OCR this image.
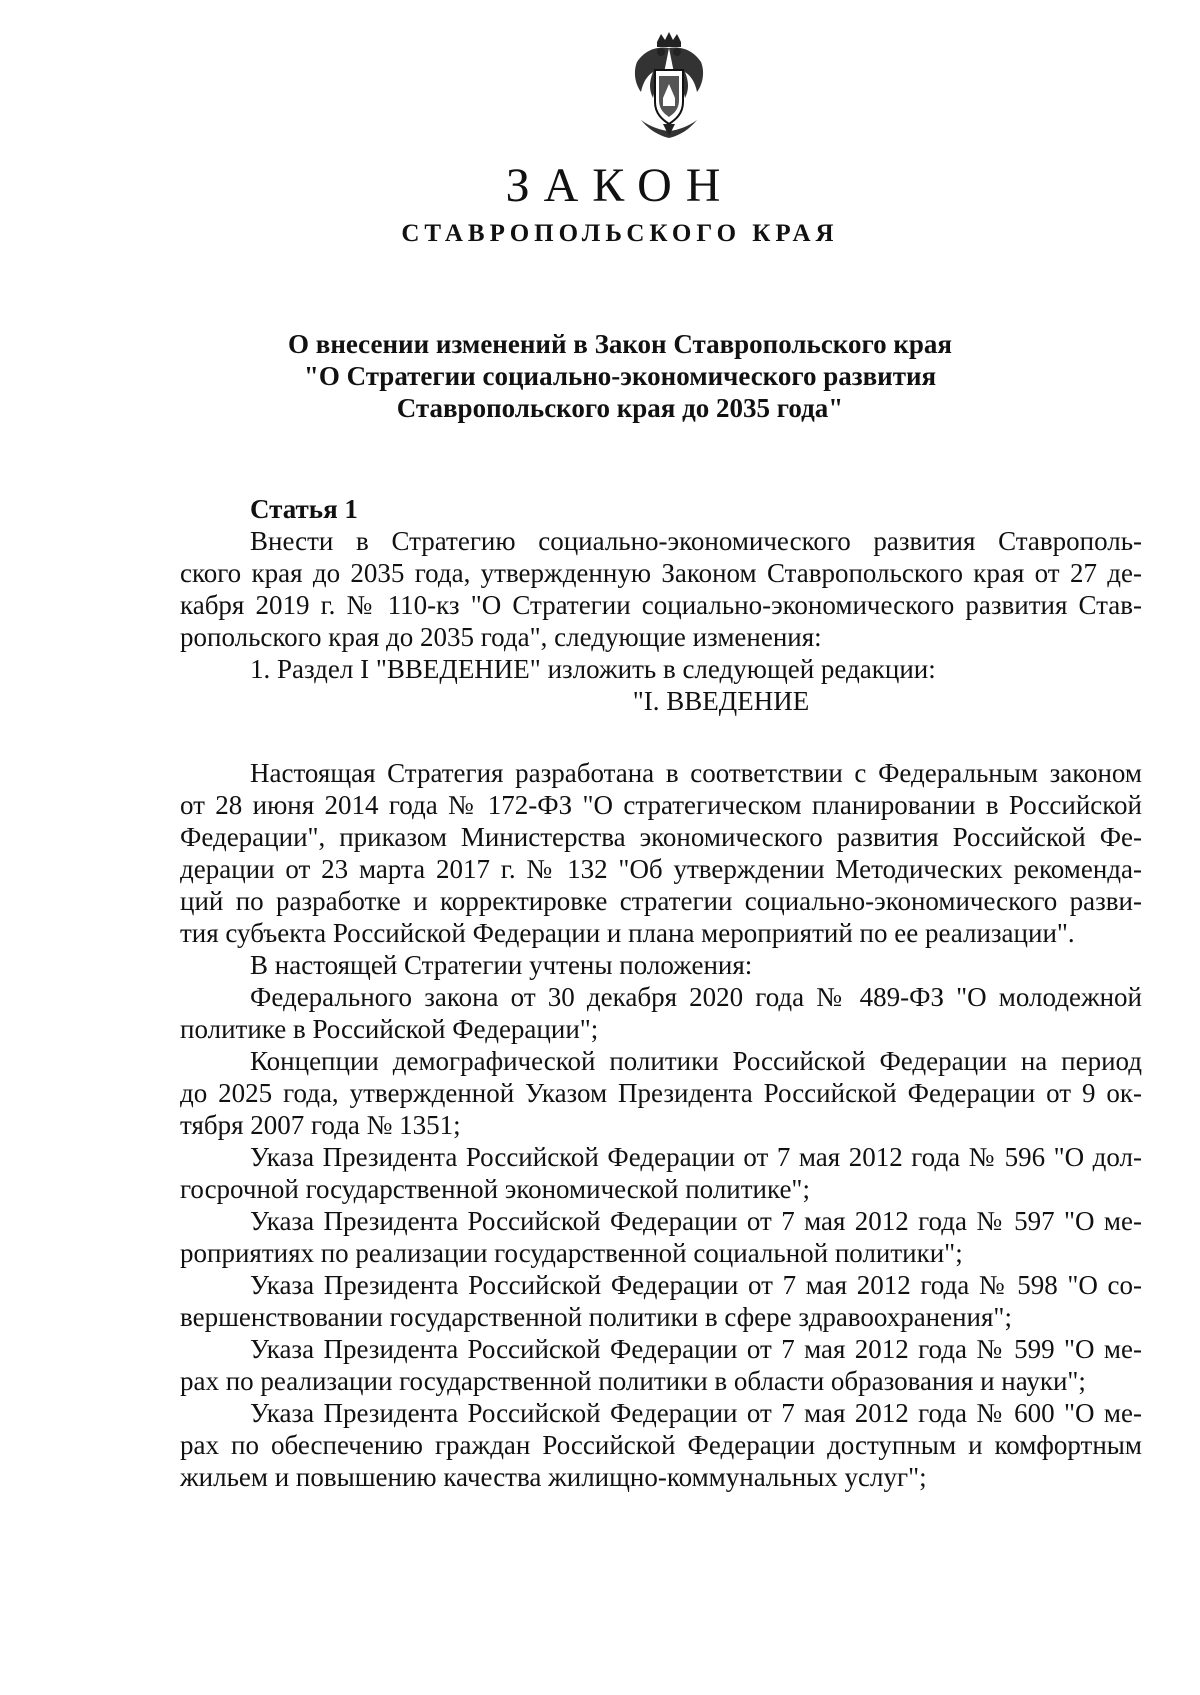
ЗАКОН
СТАВРОПОЛЬСКОГО КРАЯ
О внесении изменений в Закон Ставропольского края
"О Стратегии социально-экономического развития
Ставропольского края до 2035 года"
Статья 1
Внести в Стратегию социально-экономического развития Ставрополь-
ского края до 2035 года, утвержденную Законом Ставропольского края от 27 де-
кабря 2019 г. № 110-кз "О Стратегии социально-экономического развития Став-
ропольского края до 2035 года", следующие изменения:
1. Раздел I "ВВЕДЕНИЕ" изложить в следующей редакции:
"I. ВВЕДЕНИЕ
Настоящая Стратегия разработана в соответствии с Федеральным законом
от 28 июня 2014 года № 172-ФЗ "О стратегическом планировании в Российской
Федерации", приказом Министерства экономического развития Российской Фе-
дерации от 23 марта 2017 г. № 132 "Об утверждении Методических рекоменда-
ций по разработке и корректировке стратегии социально-экономического разви-
тия субъекта Российской Федерации и плана мероприятий по ее реализации".
В настоящей Стратегии учтены положения:
Федерального закона от 30 декабря 2020 года № 489-ФЗ "О молодежной
политике в Российской Федерации";
Концепции демографической политики Российской Федерации на период
до 2025 года, утвержденной Указом Президента Российской Федерации от 9 ок-
тября 2007 года № 1351;
Указа Президента Российской Федерации от 7 мая 2012 года № 596 "О дол-
госрочной государственной экономической политике";
Указа Президента Российской Федерации от 7 мая 2012 года № 597 "О ме-
роприятиях по реализации государственной социальной политики";
Указа Президента Российской Федерации от 7 мая 2012 года № 598 "О со-
вершенствовании государственной политики в сфере здравоохранения";
Указа Президента Российской Федерации от 7 мая 2012 года № 599 "О ме-
рах по реализации государственной политики в области образования и науки";
Указа Президента Российской Федерации от 7 мая 2012 года № 600 "О ме-
рах по обеспечению граждан Российской Федерации доступным и комфортным
жильем и повышению качества жилищно-коммунальных услуг";
